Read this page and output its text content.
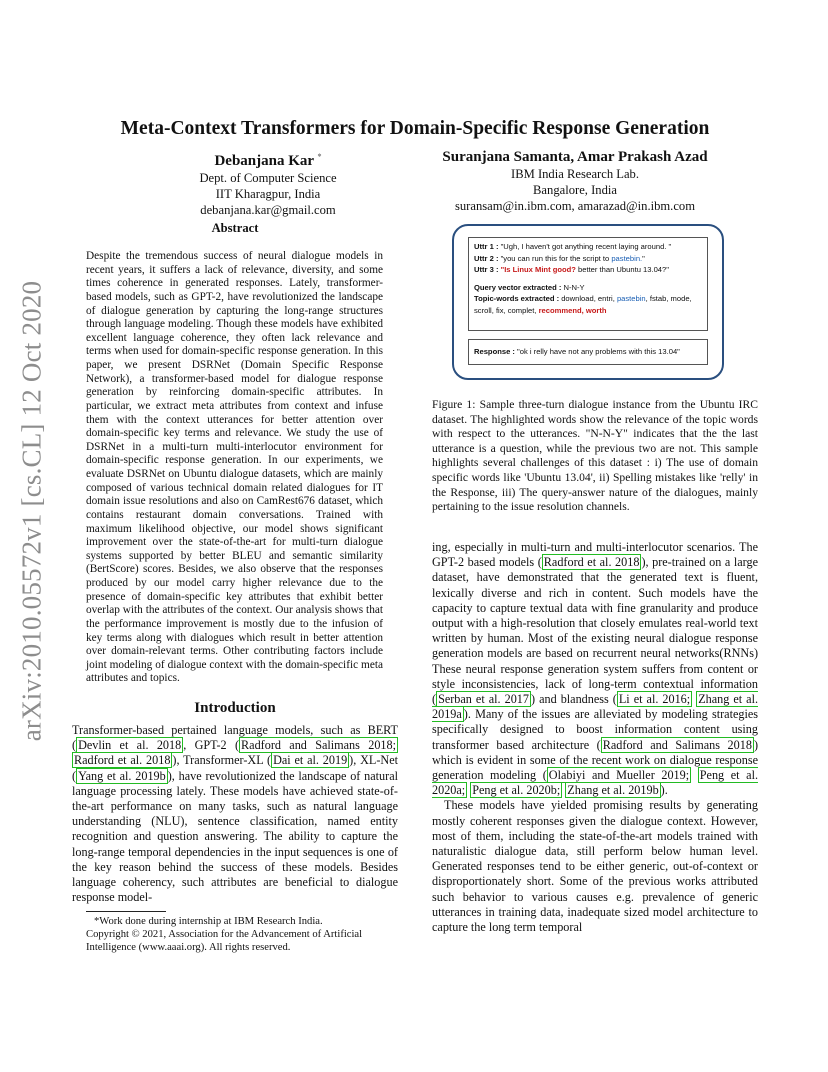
arXiv:2010.05572v1 [cs.CL] 12 Oct 2020
Meta-Context Transformers for Domain-Specific Response Generation
Debanjana Kar *
Dept. of Computer Science
IIT Kharagpur, India
debanjana.kar@gmail.com
Suranjana Samanta, Amar Prakash Azad
IBM India Research Lab.
Bangalore, India
suransam@in.ibm.com, amarazad@in.ibm.com
Abstract
Despite the tremendous success of neural dialogue models in recent years, it suffers a lack of relevance, diversity, and some times coherence in generated responses. Lately, transformer-based models, such as GPT-2, have revolutionized the landscape of dialogue generation by capturing the long-range structures through language modeling. Though these models have exhibited excellent language coherence, they often lack relevance and terms when used for domain-specific response generation. In this paper, we present DSRNet (Domain Specific Response Network), a transformer-based model for dialogue response generation by reinforcing domain-specific attributes. In particular, we extract meta attributes from context and infuse them with the context utterances for better attention over domain-specific key terms and relevance. We study the use of DSRNet in a multi-turn multi-interlocutor environment for domain-specific response generation. In our experiments, we evaluate DSRNet on Ubuntu dialogue datasets, which are mainly composed of various technical domain related dialogues for IT domain issue resolutions and also on CamRest676 dataset, which contains restaurant domain conversations. Trained with maximum likelihood objective, our model shows significant improvement over the state-of-the-art for multi-turn dialogue systems supported by better BLEU and semantic similarity (BertScore) scores. Besides, we also observe that the responses produced by our model carry higher relevance due to the presence of domain-specific key attributes that exhibit better overlap with the attributes of the context. Our analysis shows that the performance improvement is mostly due to the infusion of key terms along with dialogues which result in better attention over domain-relevant terms. Other contributing factors include joint modeling of dialogue context with the domain-specific meta attributes and topics.
Introduction
Transformer-based pertained language models, such as BERT ( Devlin et al. 2018 , GPT-2 ( Radford and Salimans 2018; Radford et al. 2018 ), Transformer-XL ( Dai et al. 2019 ), XL-Net ( Yang et al. 2019b ), have revolutionized the landscape of natural language processing lately. These models have achieved state-of-the-art performance on many tasks, such as natural language understanding (NLU), sentence classification, named entity recognition and question answering. The ability to capture the long-range temporal dependencies in the input sequences is one of the key reason behind the success of these models. Besides language coherency, such attributes are beneficial to dialogue response model-
*Work done during internship at IBM Research India.
Copyright © 2021, Association for the Advancement of Artificial Intelligence (www.aaai.org). All rights reserved.
Uttr 1 : "Ugh, I haven't got anything recent laying around. "
Uttr 2 : "you can run this for the script to pastebin."
Uttr 3 : "Is Linux Mint good? better than Ubuntu 13.04?"
Query vector extracted : N-N-Y
Topic-words extracted : download, entri, pastebin, fstab, mode, scroll, fix, complet, recommend, worth
Response : "ok i relly have not any problems with this 13.04"
Figure 1: Sample three-turn dialogue instance from the Ubuntu IRC dataset. The highlighted words show the relevance of the topic words with respect to the utterances. "N-N-Y" indicates that the the last utterance is a question, while the previous two are not. This sample highlights several challenges of this dataset : i) The use of domain specific words like 'Ubuntu 13.04', ii) Spelling mistakes like 'relly' in the Response, iii) The query-answer nature of the dialogues, mainly pertaining to the issue resolution channels.

ing, especially in multi-turn and multi-interlocutor scenarios. The GPT-2 based models ( Radford et al. 2018 ), pre-trained on a large dataset, have demonstrated that the generated text is fluent, lexically diverse and rich in content. Such models have the capacity to capture textual data with fine granularity and produce output with a high-resolution that closely emulates real-world text written by human. Most of the existing neural dialogue response generation models are based on recurrent neural networks(RNNs) These neural response generation system suffers from content or style inconsistencies, lack of long-term contextual information ( Serban et al. 2017 ) and blandness ( Li et al. 2016; Zhang et al. 2019a ). Many of the issues are alleviated by modeling strategies specifically designed to boost information content using transformer based architecture ( Radford and Salimans 2018 ) which is evident in some of the recent work on dialogue response generation modeling ( Olabiyi and Mueller 2019; Peng et al. 2020a; Peng et al. 2020b; Zhang et al. 2019b ).

These models have yielded promising results by generating mostly coherent responses given the dialogue context. However, most of them, including the state-of-the-art models trained with naturalistic dialogue data, still perform below human level. Generated responses tend to be either generic, out-of-context or disproportionately short. Some of the previous works attributed such behavior to various causes e.g. prevalence of generic utterances in training data, inadequate sized model architecture to capture the long term temporal
